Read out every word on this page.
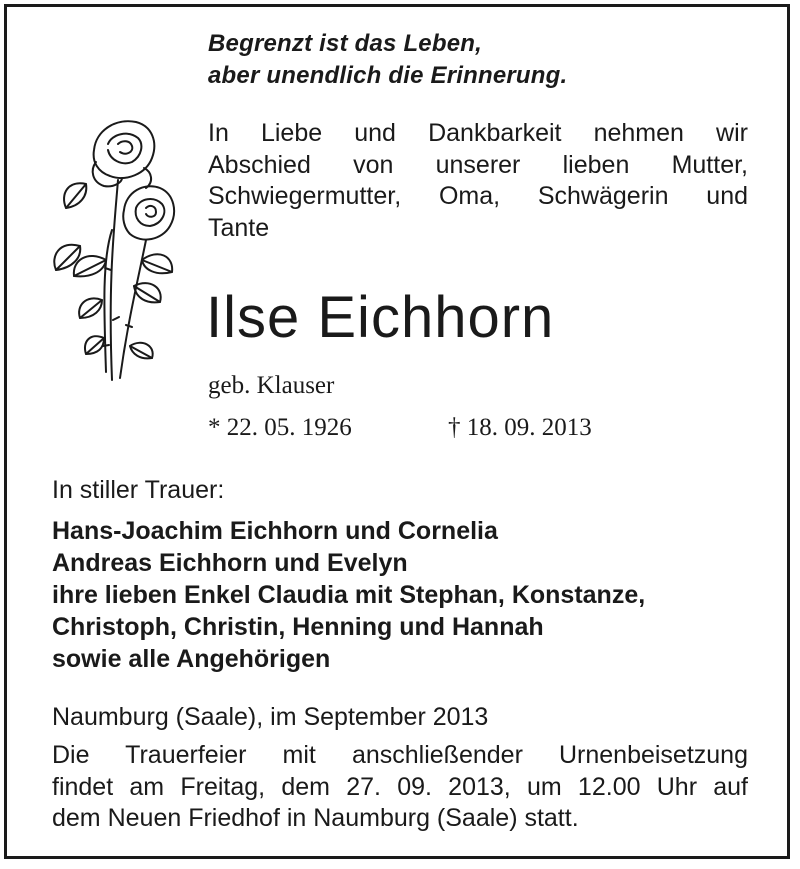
Begrenzt ist das Leben,
aber unendlich die Erinnerung.
In Liebe und Dankbarkeit nehmen wir
Abschied von unserer lieben Mutter,
Schwiegermutter, Oma, Schwägerin und
Tante
Ilse Eichhorn
geb. Klauser
* 22. 05. 1926	† 18. 09. 2013
In stiller Trauer:
Hans-Joachim Eichhorn und Cornelia
Andreas Eichhorn und Evelyn
ihre lieben Enkel Claudia mit Stephan, Konstanze,
Christoph, Christin, Henning und Hannah
sowie alle Angehörigen
Naumburg (Saale), im September 2013
Die Trauerfeier mit anschließender Urnenbeisetzung
findet am Freitag, dem 27. 09. 2013, um 12.00 Uhr auf
dem Neuen Friedhof in Naumburg (Saale) statt.
